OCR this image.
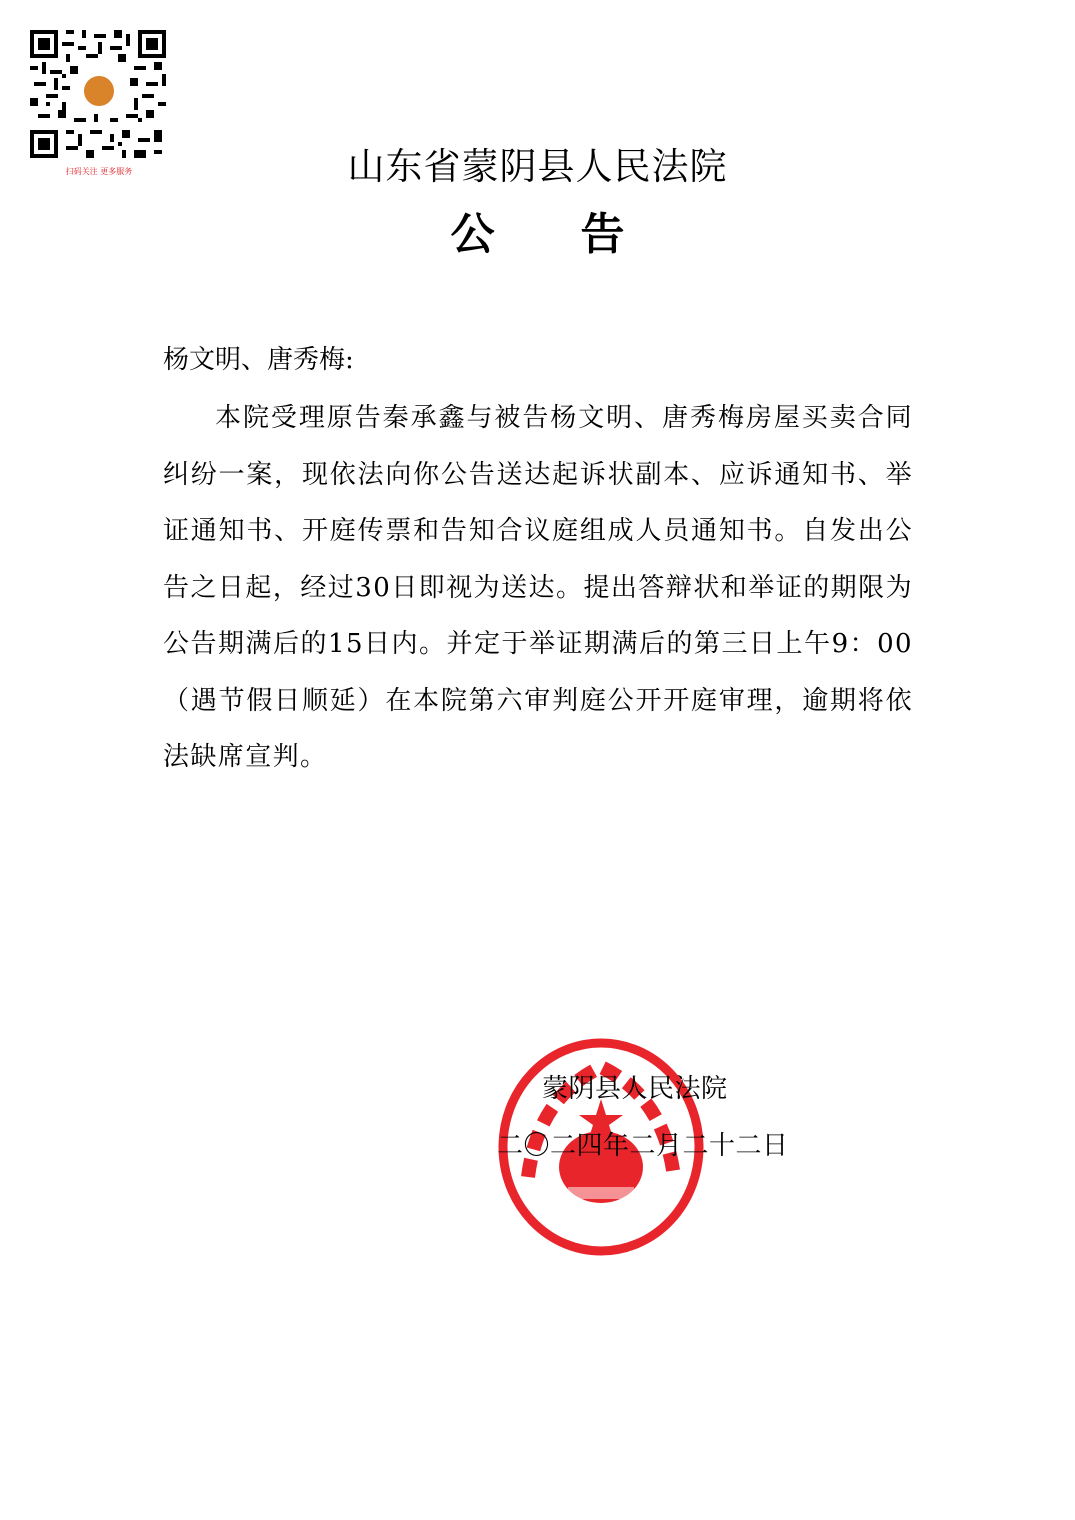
扫码关注 更多服务	山东省蒙阴县人民法院
公 告
杨文明、唐秀梅:
本院受理原告秦承鑫与被告杨文明、唐秀梅房屋买卖合同纠纷一案，现依法向你公告送达起诉状副本、应诉通知书、举证通知书、开庭传票和告知合议庭组成人员通知书。自发出公告之日起，经过30日即视为送达。提出答辩状和举证的期限为公告期满后的15日内。并定于举证期满后的第三日上午9：00（遇节假日顺延）在本院第六审判庭公开开庭审理，逾期将依法缺席宣判。
蒙阴县人民法院
二〇二四年二月二十二日
